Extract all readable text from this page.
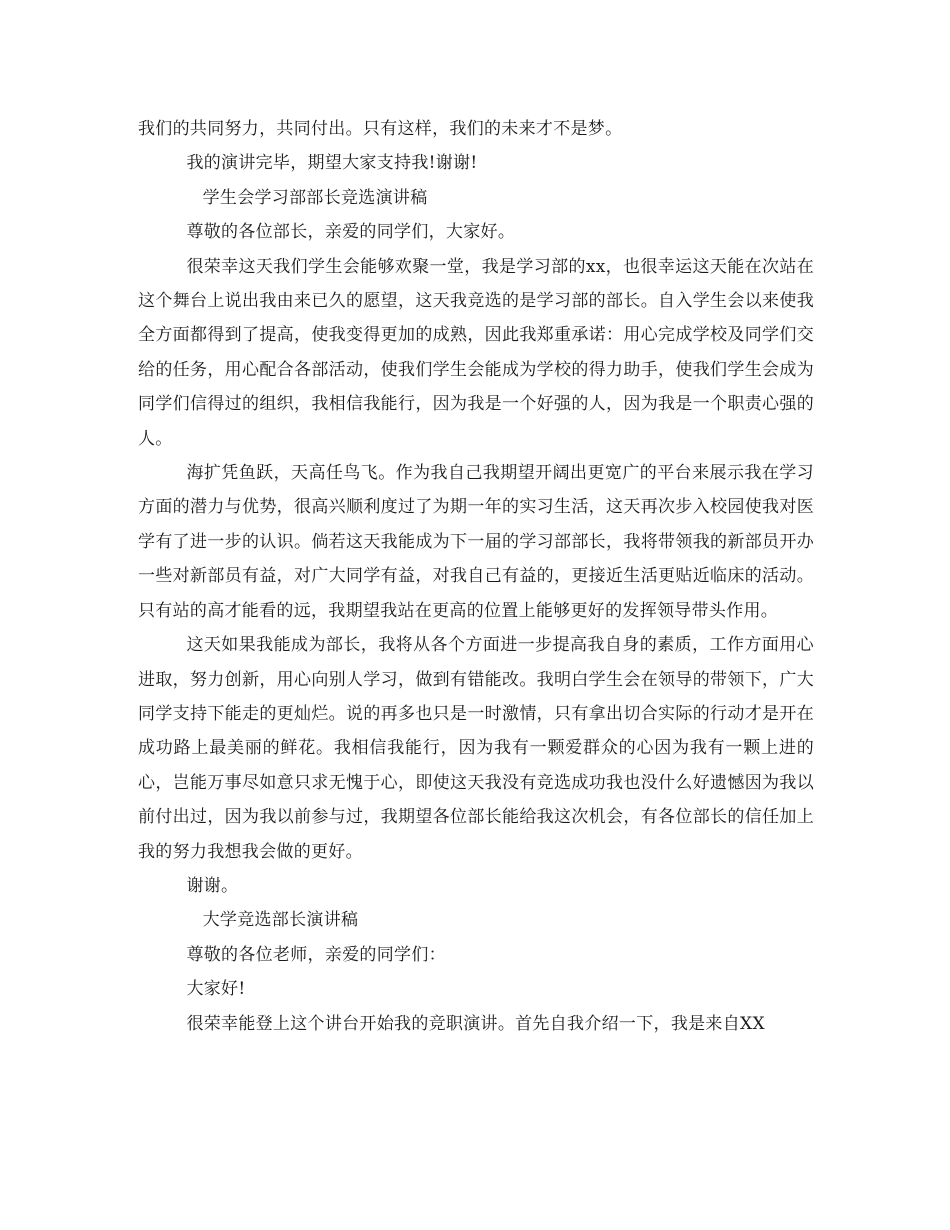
我们的共同努力，共同付出。只有这样，我们的未来才不是梦。

我的演讲完毕，期望大家支持我!谢谢!

学生会学习部部长竞选演讲稿

尊敬的各位部长，亲爱的同学们，大家好。

很荣幸这天我们学生会能够欢聚一堂，我是学习部的xx，也很幸运这天能在次站在这个舞台上说出我由来已久的愿望，这天我竞选的是学习部的部长。自入学生会以来使我全方面都得到了提高，使我变得更加的成熟，因此我郑重承诺：用心完成学校及同学们交给的任务，用心配合各部活动，使我们学生会能成为学校的得力助手，使我们学生会成为同学们信得过的组织，我相信我能行，因为我是一个好强的人，因为我是一个职责心强的人。

海扩凭鱼跃，天高任鸟飞。作为我自己我期望开阔出更宽广的平台来展示我在学习方面的潜力与优势，很高兴顺利度过了为期一年的实习生活，这天再次步入校园使我对医学有了进一步的认识。倘若这天我能成为下一届的学习部部长，我将带领我的新部员开办一些对新部员有益，对广大同学有益，对我自己有益的，更接近生活更贴近临床的活动。只有站的高才能看的远，我期望我站在更高的位置上能够更好的发挥领导带头作用。

这天如果我能成为部长，我将从各个方面进一步提高我自身的素质，工作方面用心进取，努力创新，用心向别人学习，做到有错能改。我明白学生会在领导的带领下，广大同学支持下能走的更灿烂。说的再多也只是一时激情，只有拿出切合实际的行动才是开在成功路上最美丽的鲜花。我相信我能行，因为我有一颗爱群众的心因为我有一颗上进的心，岂能万事尽如意只求无愧于心，即使这天我没有竞选成功我也没什么好遗憾因为我以前付出过，因为我以前参与过，我期望各位部长能给我这次机会，有各位部长的信任加上我的努力我想我会做的更好。

谢谢。

大学竞选部长演讲稿

尊敬的各位老师，亲爱的同学们：

大家好!

很荣幸能登上这个讲台开始我的竞职演讲。首先自我介绍一下，我是来自XX
